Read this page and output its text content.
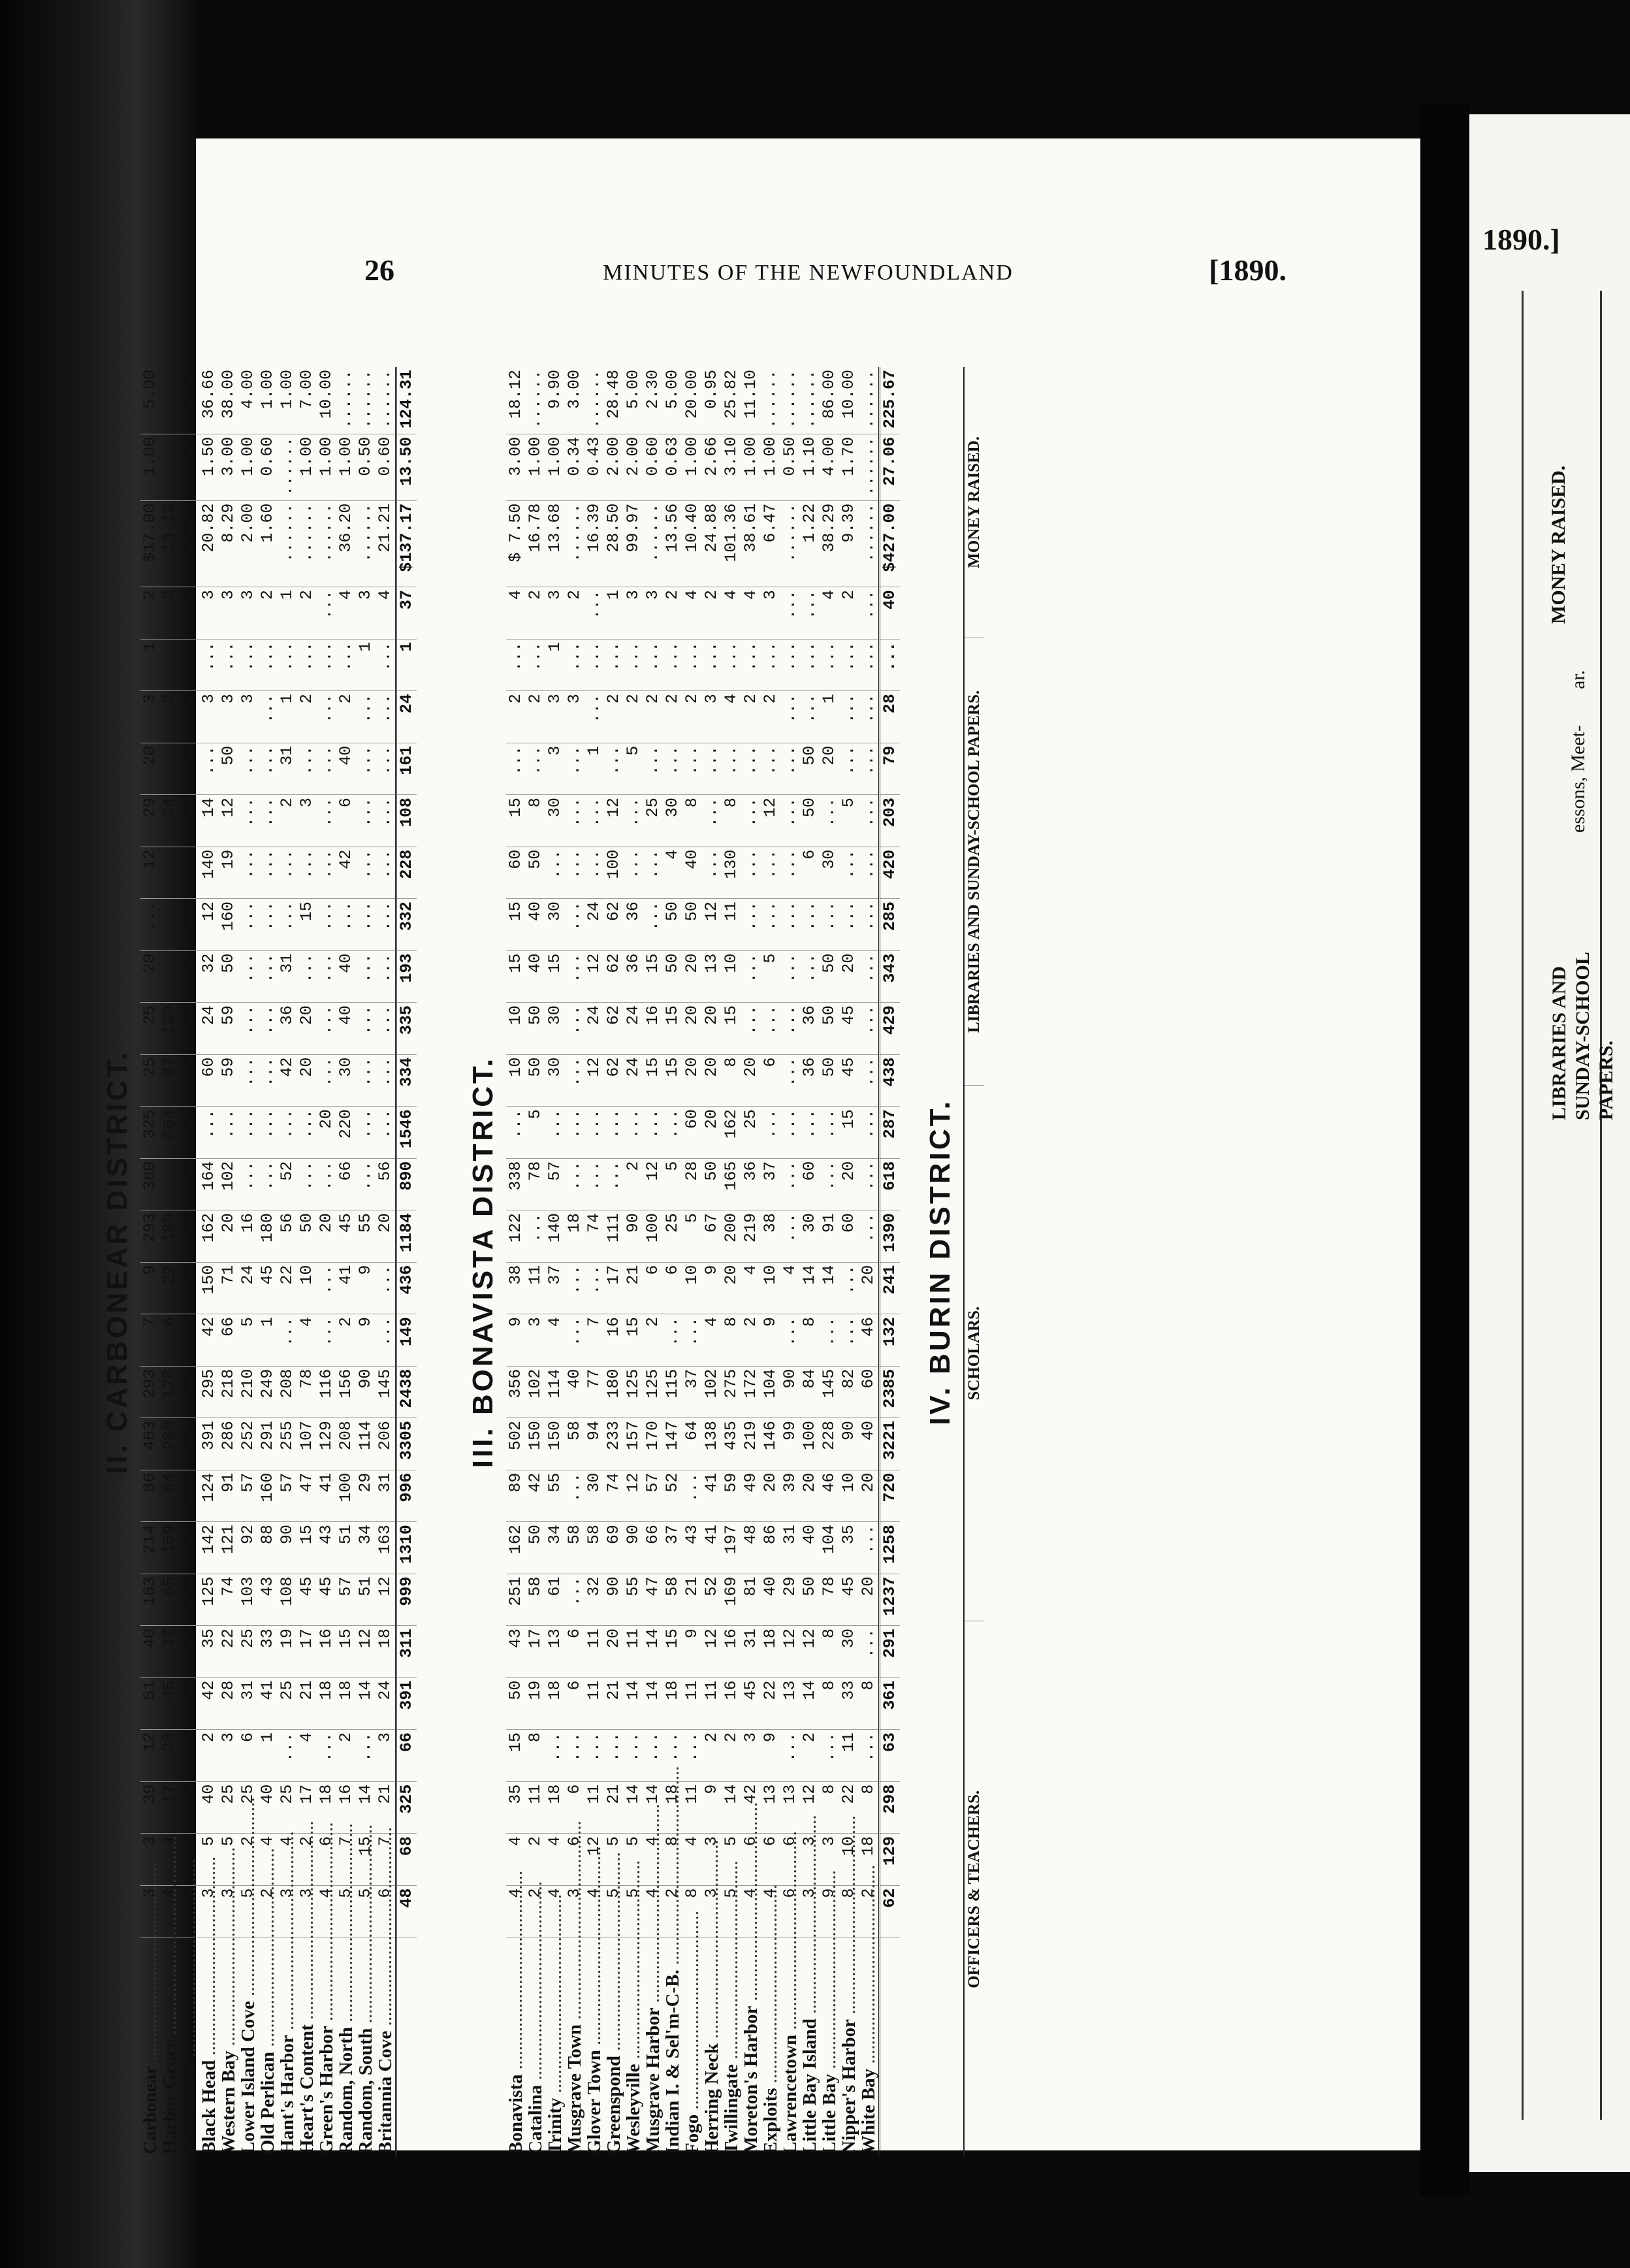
26	MINUTES OF THE NEWFOUNDLAND	[1890.
II. CARBONEAR DISTRICT.
Carbonear .....	3	3	39	12	51	40	163	214	86	463	293	7	9	293	380	325	25	25	20	...	12	29	20	3	1	2	$17.00	1.00	5.00
Harbor Grace .....	4	4	17	28	45	37	65	159	64	288	178	6	22	180	...	864	87	120	...			24	...	2		2	13.13	......	......
Freshwater .....	4	4	28	5	33	22	108	98	109	315	202	8	33	86	70	117	20	20	20	160	...	18	20	4	...	4	16.92	2.30	22.65
Black Head .....	3	5	40	2	42	35	125	142	124	391	295	42	150	162	164	...	60	24	32	12	140	14	...	3	...	3	20.82	1.50	36.66
Western Bay .....	3	5	25	3	28	22	74	121	91	286	218	66	71	20	102	...	59	59	50	160	19	12	50	3	...	3	8.29	3.00	38.00
Lower Island Cove .....	5	2	25	6	31	25	103	92	57	252	210	5	24	16	...	...	...	...	...	...	...	...	...	3	...	3	2.00	1.00	4.00
Old Perlican .....	2	4	40	1	41	33	43	88	160	291	249	1	45	180	...	...	...	...	...	...	...	...	...	...	...	2	1.60	0.60	1.00
Hant's Harbor .....	3	4	25	...	25	19	108	90	57	255	208	...	22	56	52	...	42	36	31	...	...	2	31	1	...	1	......	......	1.00
Heart's Content .....	3	2	17	4	21	17	45	15	47	107	78	4	10	50	...	...	20	20	...	15	...	3	...	2	...	2	......	1.00	7.00
Green's Harbor .....	4	6	18	...	18	16	45	43	41	129	116	...	...	20	...	20	...	...	...	...	...	...	...	...	...	...	......	1.00	10.00
Random, North .....	5	7	16	2	18	15	57	51	100	208	156	2	41	45	66	220	30	40	40	...	42	6	40	2	...	4	36.20	1.00	......
Random, South .....	5	15	14	...	14	12	51	34	29	114	90	9	9	55	...	...	...	...	...	...	...	...	...	...	1	3	......	0.50	......
Britannia Cove .....	6	7	21	3	24	18	12	163	31	206	145	...	...	20	56	...	...	...	...	...	...	...	...	...	...	4	21.21	0.60	......
	48	68	325	66	391	311	999	1310	996	3305	2438	149	436	1184	890	1546	334	335	193	332	228	108	161	24	1	37	$137.17	13.50	124.31
III. BONAVISTA DISTRICT.
Bonavista .....	4	4	35	15	50	43	251	162	89	502	356	9	38	122	338	...	10	10	15	15	60	15	...	2	...	4	$ 7.50	3.00	18.12
Catalina .....	2	2	11	8	19	17	58	50	42	150	102	3	11	...	78	5	50	50	40	40	50	8	...	2	...	2	16.78	1.00	......
Trinity .....	4	4	18	...	18	13	61	34	55	150	114	4	37	140	57	...	30	30	15	30	...	30	3	3	1	3	13.68	1.00	9.90
Musgrave Town .....	3	6	6	...	6	6	...	58	...	58	40	...	...	18	...	...	...	...	...	...	...	...	...	3	...	2	......	0.34	3.00
Glover Town .....	4	12	11	...	11	11	32	58	30	94	77	7	...	74	...	...	12	24	12	24	...	...	1	...	...	...	16.39	0.43	......
Greenspond .....	5	5	21	...	21	20	90	69	74	233	180	16	17	111	...	...	62	62	62	62	100	12	...	2	...	1	28.50	2.00	28.48
Wesleyville .....	5	5	14	...	14	11	55	90	12	157	125	15	21	90	2	...	24	24	36	36	...	...	5	2	...	3	99.97	2.00	5.00
Musgrave Harbor .....	4	4	14	...	14	14	47	66	57	170	125	2	6	100	12	...	15	16	15	...	...	25	...	2	...	3	......	0.60	2.30
Indian I. & Sel'm-C-B. .....	2	8	18	...	18	15	58	37	52	147	115	...	6	25	5	...	15	15	50	50	4	30	...	2	...	2	13.56	0.63	5.00
Fogo .....	8	4	11	...	11	9	21	43	...	64	37	...	10	5	28	60	20	20	20	50	40	8	...	2	...	4	10.40	1.00	20.00
Herring Neck .....	3	3	9	2	11	12	52	41	41	138	102	4	9	67	50	20	20	20	13	12	...	...	...	3	...	2	24.88	2.66	0.95
Twillingate .....	5	5	14	2	16	16	169	197	59	435	275	8	20	200	165	162	8	15	10	11	130	8	...	4	...	4	101.36	3.10	25.82
Moreton's Harbor .....	4	6	42	3	45	31	81	48	49	219	172	2	4	219	36	25	20	...	...	...	...	...	...	2	...	4	38.61	1.00	11.10
Exploits .....	4	6	13	9	22	18	40	86	20	146	104	9	10	38	37	...	6	...	5	...	...	12	...	2	...	3	6.47	1.00	......
Lawrencetown .....	6	6	13	...	13	12	29	31	39	99	90	...	4	...	...	...	...	...	...	...	...	...	...	...	...	...	......	0.50	......
Little Bay Island .....	3	3	12	2	14	12	50	40	20	100	84	8	14	30	60	...	36	36	...	...	6	50	50	...	...	...	1.22	1.10	......
Little Bay .....	9	3	8	...	8	8	78	104	46	228	145	...	14	91	...	...	50	50	50	...	30	...	20	1	...	4	38.29	4.00	86.00
Nipper's Harbor .....	8	10	22	11	33	30	45	35	10	90	82	...	...	60	20	15	45	45	20	...	...	5	...	...	...	2	9.39	1.70	10.00
White Bay .....	2	18	8	...	8	...	20	...	20	40	60	46	20	...	...	...	...	...	...	...	...	...	...	...	...	...	......	......	......
	62	129	298	63	361	291	1237	1258	720	3221	2385	132	241	1390	618	287	438	429	343	285	420	203	79	28	...	40	$427.00	27.06	225.67
IV. BURIN DISTRICT.
OFFICERS & TEACHERS.	SCHOLARS.	LIBRARIES AND SUNDAY-SCHOOL PAPERS.	MONEY RAISED.
1890.]
MONEY RAISED.
LIBRARIES AND SUNDAY-SCHOOL PAPERS.
essons, Meet-
ar.
